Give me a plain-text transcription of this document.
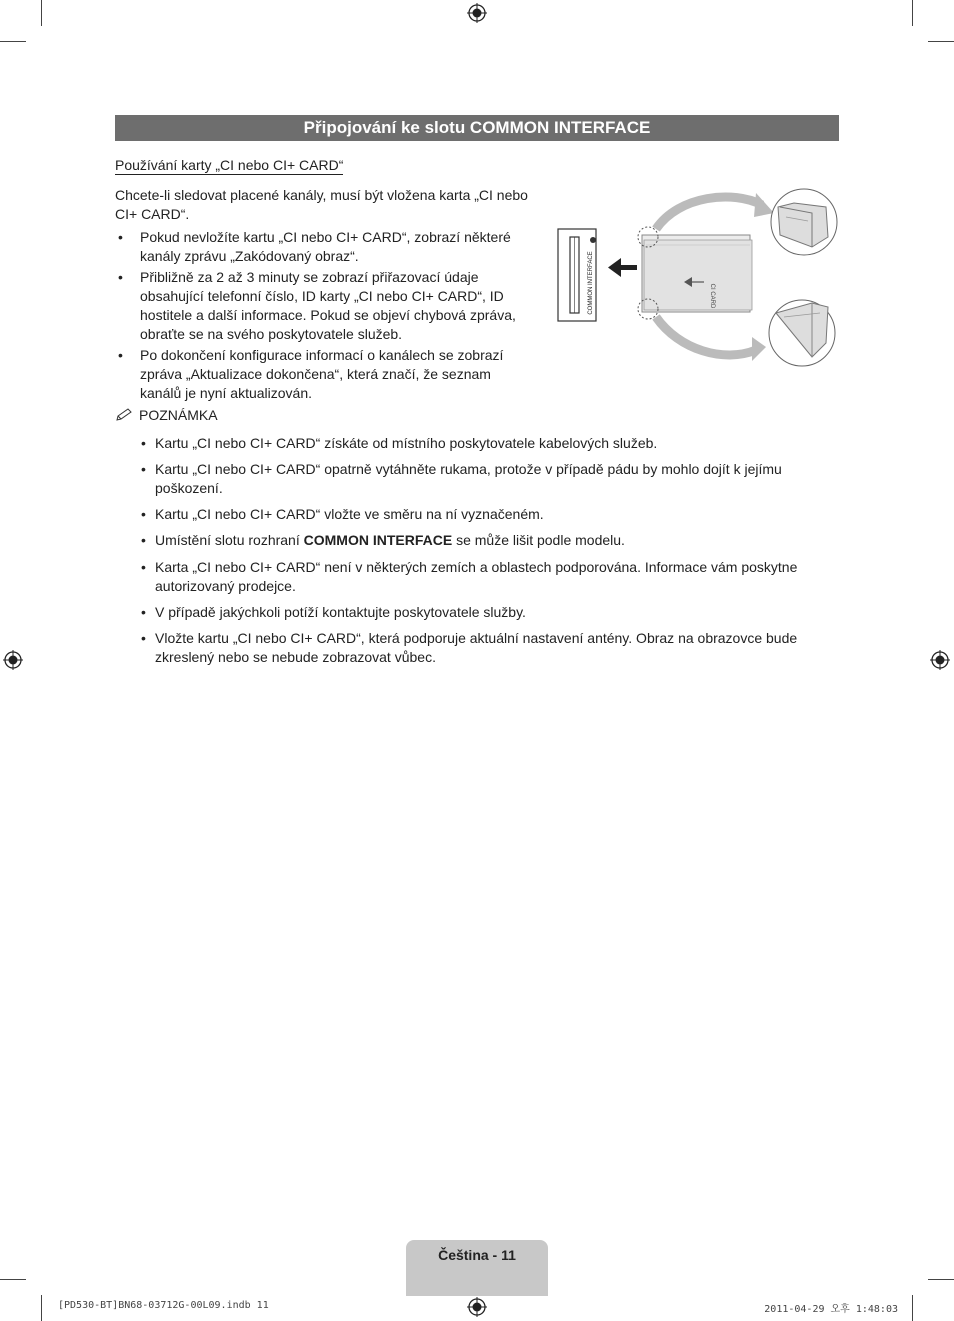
Připojování ke slotu COMMON INTERFACE
Používání karty „CI nebo CI+ CARD“
Chcete-li sledovat placené kanály, musí být vložena karta „CI nebo CI+ CARD“.
• Pokud nevložíte kartu „CI nebo CI+ CARD“, zobrazí některé kanály zprávu „Zakódovaný obraz“.
• Přibližně za 2 až 3 minuty se zobrazí přiřazovací údaje obsahující telefonní číslo, ID karty „CI nebo CI+ CARD“, ID hostitele a další informace. Pokud se objeví chybová zpráva, obraťte se na svého poskytovatele služeb.
• Po dokončení konfigurace informací o kanálech se zobrazí zpráva „Aktualizace dokončena“, která značí, že seznam kanálů je nyní aktualizován.
COMMON INTERFACE	CI CARD
POZNÁMKA
• Kartu „CI nebo CI+ CARD“ získáte od místního poskytovatele kabelových služeb.
• Kartu „CI nebo CI+ CARD“ opatrně vytáhněte rukama, protože v případě pádu by mohlo dojít k jejímu poškození.
• Kartu „CI nebo CI+ CARD“ vložte ve směru na ní vyznačeném.
• Umístění slotu rozhraní COMMON INTERFACE se může lišit podle modelu.
• Karta „CI nebo CI+ CARD“ není v některých zemích a oblastech podporována. Informace vám poskytne autorizovaný prodejce.
• V případě jakýchkoli potíží kontaktujte poskytovatele služby.
• Vložte kartu „CI nebo CI+ CARD“, která podporuje aktuální nastavení antény. Obraz na obrazovce bude zkreslený nebo se nebude zobrazovat vůbec.
Čeština - 11
[PD530-BT]BN68-03712G-00L09.indb 11	2011-04-29 오후 1:48:03
